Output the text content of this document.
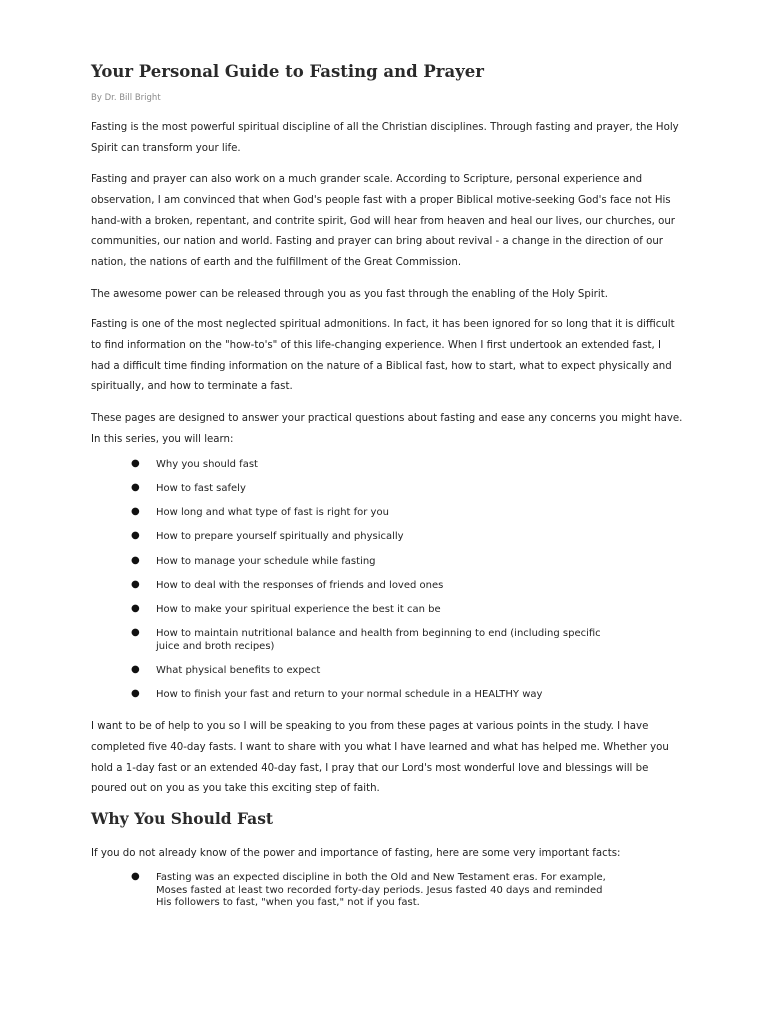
Your Personal Guide to Fasting and Prayer
By Dr. Bill Bright

Fasting is the most powerful spiritual discipline of all the Christian disciplines. Through fasting and prayer, the Holy Spirit can transform your life.

Fasting and prayer can also work on a much grander scale. According to Scripture, personal experience and observation, I am convinced that when God's people fast with a proper Biblical motive-seeking God's face not His hand-with a broken, repentant, and contrite spirit, God will hear from heaven and heal our lives, our churches, our communities, our nation and world. Fasting and prayer can bring about revival - a change in the direction of our nation, the nations of earth and the fulfillment of the Great Commission.

The awesome power can be released through you as you fast through the enabling of the Holy Spirit.

Fasting is one of the most neglected spiritual admonitions. In fact, it has been ignored for so long that it is difficult to find information on the "how-to's" of this life-changing experience. When I first undertook an extended fast, I had a difficult time finding information on the nature of a Biblical fast, how to start, what to expect physically and spiritually, and how to terminate a fast.

These pages are designed to answer your practical questions about fasting and ease any concerns you might have. In this series, you will learn:

● Why you should fast
● How to fast safely
● How long and what type of fast is right for you
● How to prepare yourself spiritually and physically
● How to manage your schedule while fasting
● How to deal with the responses of friends and loved ones
● How to make your spiritual experience the best it can be
● How to maintain nutritional balance and health from beginning to end (including specific
juice and broth recipes)
● What physical benefits to expect
● How to finish your fast and return to your normal schedule in a HEALTHY way

I want to be of help to you so I will be speaking to you from these pages at various points in the study. I have completed five 40-day fasts. I want to share with you what I have learned and what has helped me. Whether you hold a 1-day fast or an extended 40-day fast, I pray that our Lord's most wonderful love and blessings will be poured out on you as you take this exciting step of faith.

Why You Should Fast

If you do not already know of the power and importance of fasting, here are some very important facts:

● Fasting was an expected discipline in both the Old and New Testament eras. For example,
Moses fasted at least two recorded forty-day periods. Jesus fasted 40 days and reminded
His followers to fast, "when you fast," not if you fast.
